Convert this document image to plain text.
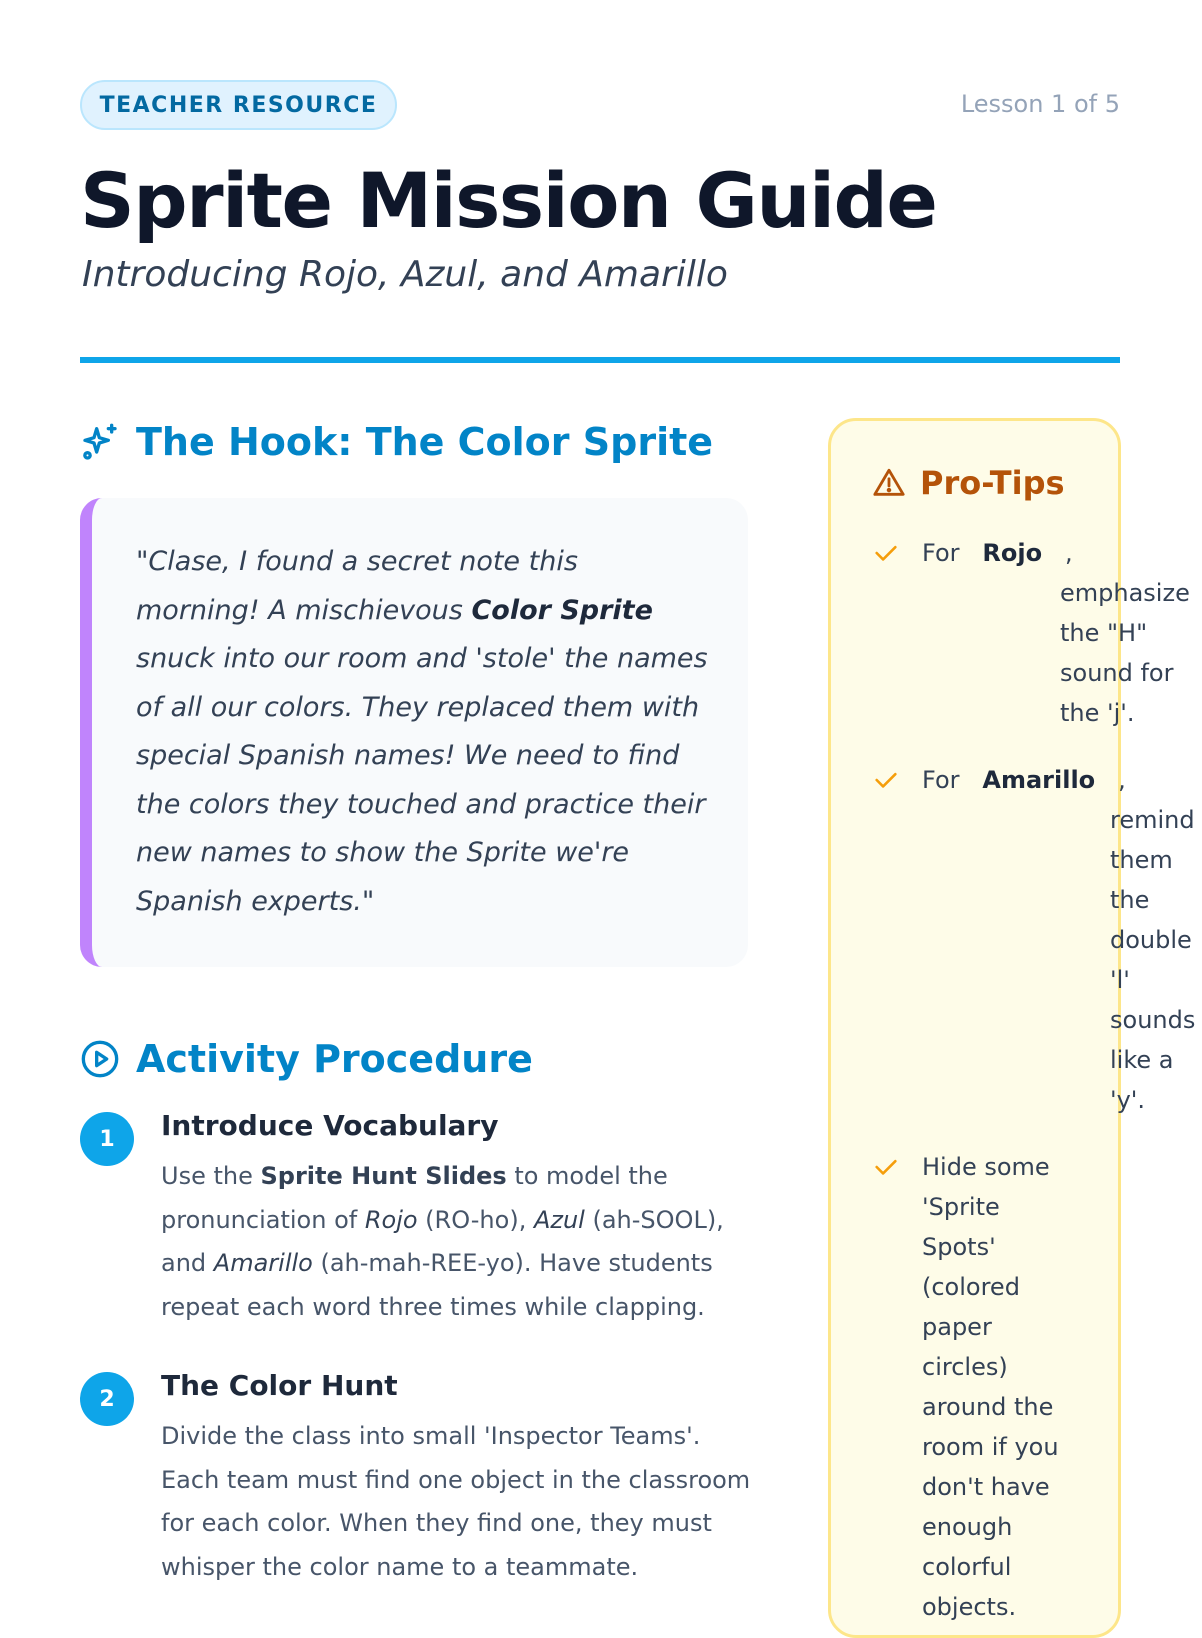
TEACHER RESOURCE	Lesson 1 of 5
Sprite Mission Guide
Introducing Rojo, Azul, and Amarillo
The Hook: The Color Sprite
"Clase, I found a secret note this morning! A mischievous Color Sprite snuck into our room and 'stole' the names of all our colors. They replaced them with special Spanish names! We need to find the colors they touched and practice their new names to show the Sprite we're Spanish experts."
Activity Procedure
1	Introduce Vocabulary
Use the Sprite Hunt Slides to model the pronunciation of Rojo (RO-ho), Azul (ah-SOOL), and Amarillo (ah-mah-REE-yo). Have students repeat each word three times while clapping.
2	The Color Hunt
Divide the class into small 'Inspector Teams'. Each team must find one object in the classroom for each color. When they find one, they must whisper the color name to a teammate.
Pro-Tips
For Rojo ,
emphasize the "H" sound for the 'j'.
For Amarillo ,
remind them the double 'l' sounds like a 'y'.
Hide some 'Sprite Spots' (colored paper circles) around the room if you don't have enough colorful objects.
